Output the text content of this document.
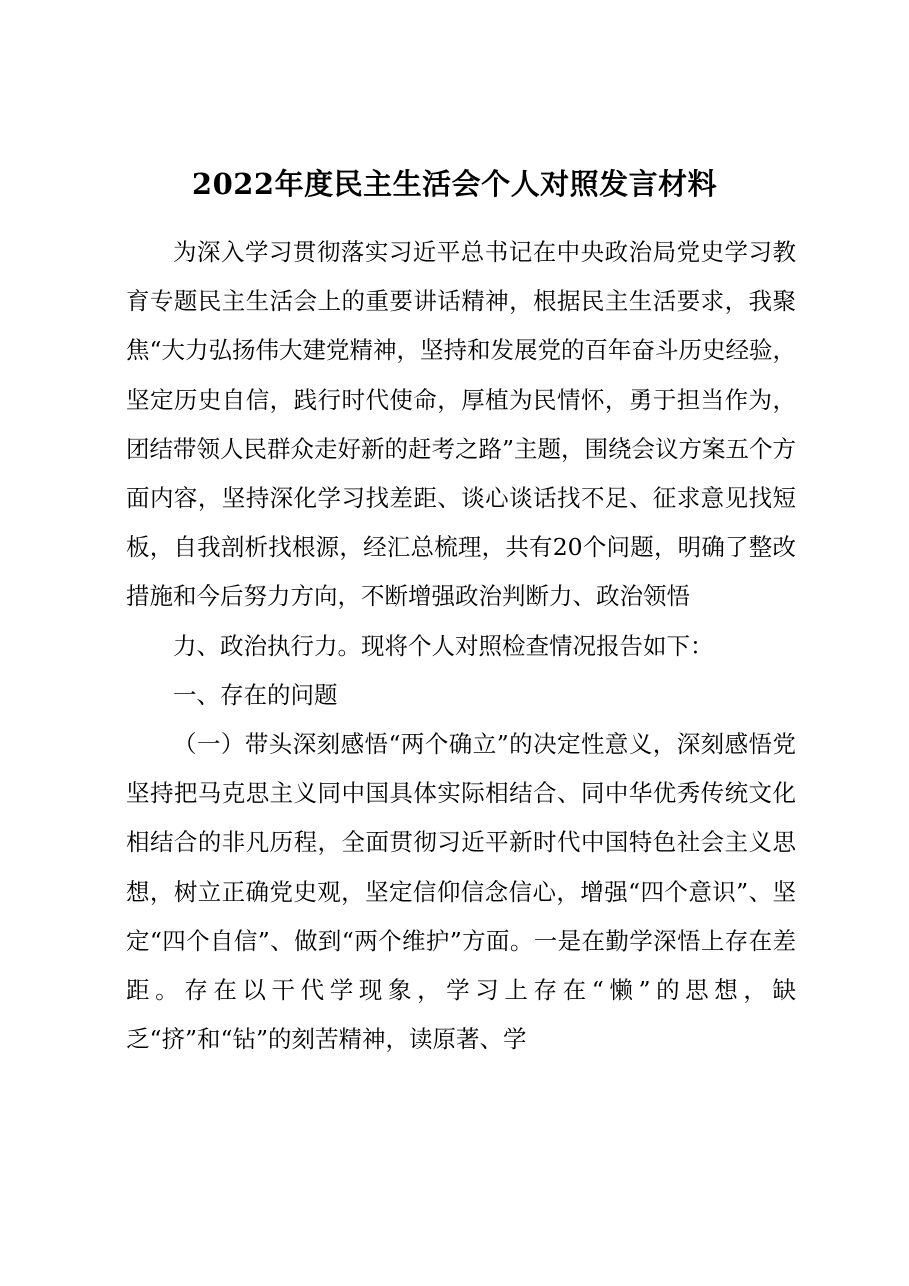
2022年度民主生活会个人对照发言材料

为深入学习贯彻落实习近平总书记在中央政治局党史学习教育专题民主生活会上的重要讲话精神，根据民主生活要求，我聚焦“大力弘扬伟大建党精神，坚持和发展党的百年奋斗历史经验，坚定历史自信，践行时代使命，厚植为民情怀，勇于担当作为，团结带领人民群众走好新的赶考之路”主题，围绕会议方案五个方面内容，坚持深化学习找差距、谈心谈话找不足、征求意见找短板，自我剖析找根源，经汇总梳理，共有20个问题，明确了整改措施和今后努力方向，不断增强政治判断力、政治领悟

力、政治执行力。现将个人对照检查情况报告如下：

一、存在的问题

（一）带头深刻感悟“两个确立”的决定性意义，深刻感悟党坚持把马克思主义同中国具体实际相结合、同中华优秀传统文化相结合的非凡历程，全面贯彻习近平新时代中国特色社会主义思想，树立正确党史观，坚定信仰信念信心，增强“四个意识”、坚定“四个自信”、做到“两个维护”方面。一是在勤学深悟上存在差距。存在以干代学现象，学习上存在“懒”的思想，缺乏“挤”和“钻”的刻苦精神，读原著、学
